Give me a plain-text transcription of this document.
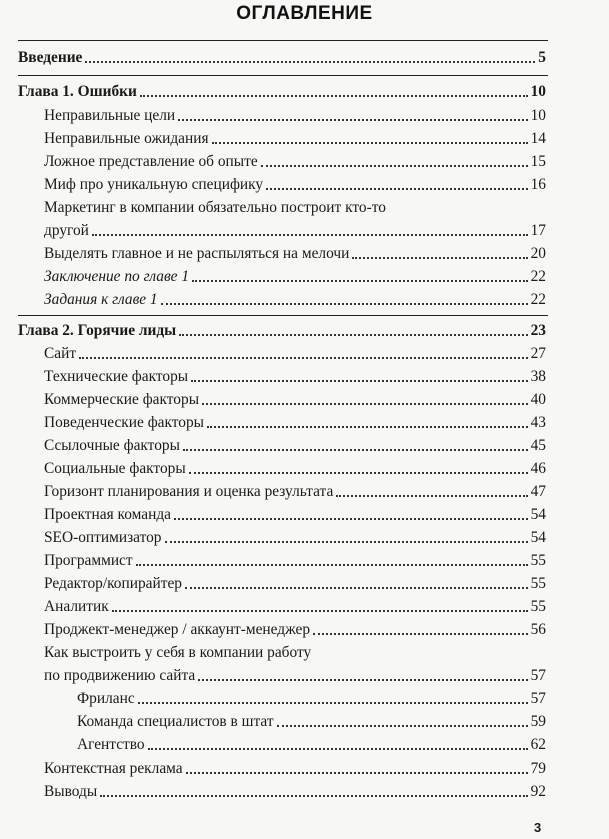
ОГЛАВЛЕНИЕ
Введение	5
Глава 1. Ошибки	10
Неправильные цели	10
Неправильные ожидания	14
Ложное представление об опыте	15
Миф про уникальную специфику	16
Маркетинг в компании обязательно построит кто-то
другой	17
Выделять главное и не распыляться на мелочи	20
Заключение по главе 1	22
Задания к главе 1	22
Глава 2. Горячие лиды	23
Сайт	27
Технические факторы	38
Коммерческие факторы	40
Поведенческие факторы	43
Ссылочные факторы	45
Социальные факторы	46
Горизонт планирования и оценка результата	47
Проектная команда	54
SEO-оптимизатор	54
Программист	55
Редактор/копирайтер	55
Аналитик	55
Проджект-менеджер / аккаунт-менеджер	56
Как выстроить у себя в компании работу
по продвижению сайта	57
Фриланс	57
Команда специалистов в штат	59
Агентство	62
Контекстная реклама	79
Выводы	92
3
